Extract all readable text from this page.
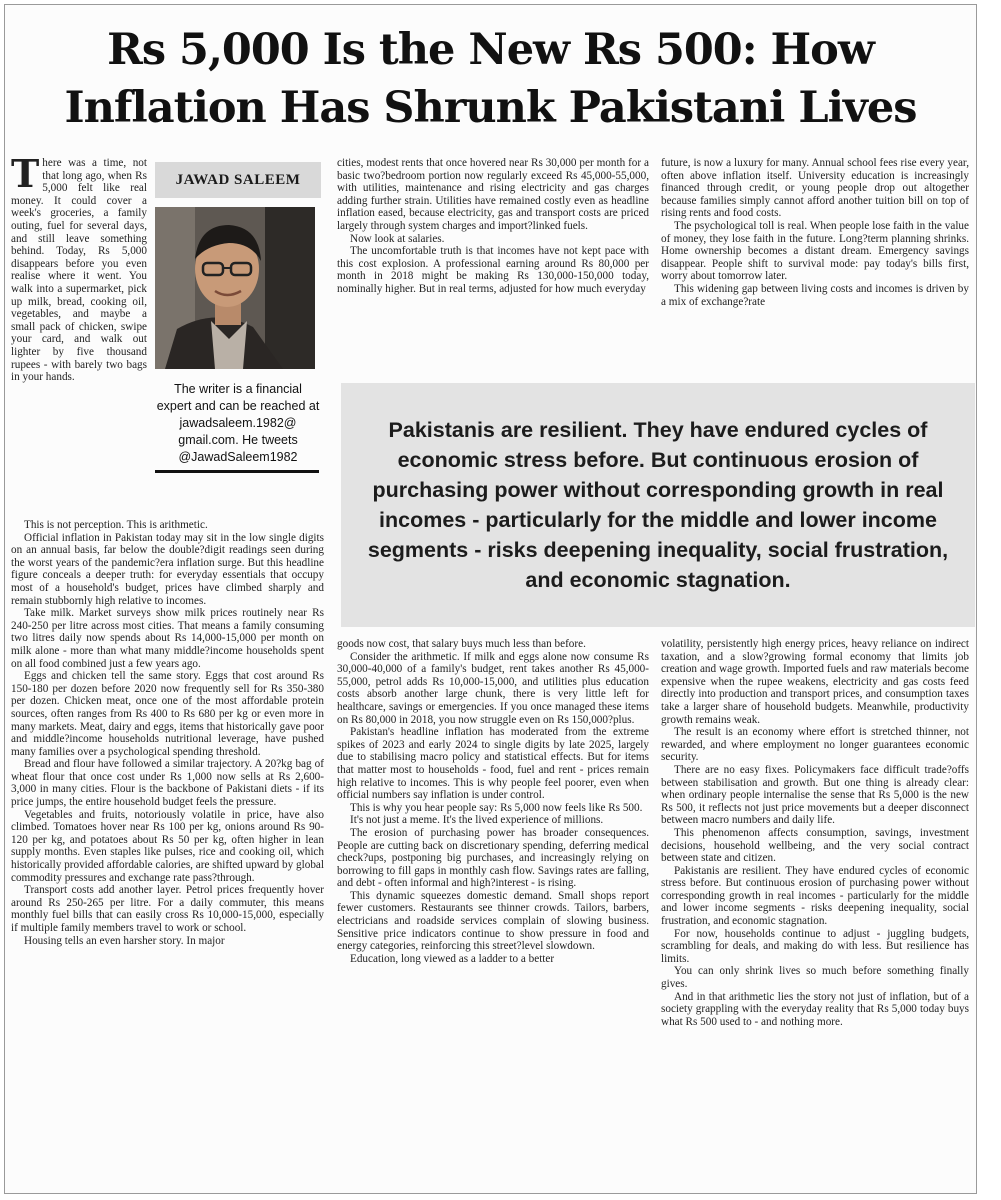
Rs 5,000 Is the New Rs 500: How
Inflation Has Shrunk Pakistani Lives

There was a time, not that long ago, when Rs 5,000 felt like real money. It could cover a week's groceries, a family outing, fuel for several days, and still leave something behind. Today, Rs 5,000 disappears before you even realise where it went. You walk into a supermarket, pick up milk, bread, cooking oil, vegetables, and maybe a small pack of chicken, swipe your card, and walk out lighter by five thousand rupees - with barely two bags in your hands.

JAWAD SALEEM
The writer is a financial expert and can be reached at jawadsaleem.1982@ gmail.com. He tweets @JawadSaleem1982

This is not perception. This is arithmetic.

Official inflation in Pakistan today may sit in the low single digits on an annual basis, far below the double?digit readings seen during the worst years of the pandemic?era inflation surge. But this headline figure conceals a deeper truth: for everyday essentials that occupy most of a household's budget, prices have climbed sharply and remain stubbornly high relative to incomes.

Take milk. Market surveys show milk prices routinely near Rs 240-250 per litre across most cities. That means a family consuming two litres daily now spends about Rs 14,000-15,000 per month on milk alone - more than what many middle?income households spent on all food combined just a few years ago.

Eggs and chicken tell the same story. Eggs that cost around Rs 150-180 per dozen before 2020 now frequently sell for Rs 350-380 per dozen. Chicken meat, once one of the most affordable protein sources, often ranges from Rs 400 to Rs 680 per kg or even more in many markets. Meat, dairy and eggs, items that historically gave poor and middle?income households nutritional leverage, have pushed many families over a psychological spending threshold.

Bread and flour have followed a similar trajectory. A 20?kg bag of wheat flour that once cost under Rs 1,000 now sells at Rs 2,600-3,000 in many cities. Flour is the backbone of Pakistani diets - if its price jumps, the entire household budget feels the pressure.

Vegetables and fruits, notoriously volatile in price, have also climbed. Tomatoes hover near Rs 100 per kg, onions around Rs 90-120 per kg, and potatoes about Rs 50 per kg, often higher in lean supply months. Even staples like pulses, rice and cooking oil, which historically provided affordable calories, are shifted upward by global commodity pressures and exchange rate pass?through.

Transport costs add another layer. Petrol prices frequently hover around Rs 250-265 per litre. For a daily commuter, this means monthly fuel bills that can easily cross Rs 10,000-15,000, especially if multiple family members travel to work or school.

Housing tells an even harsher story. In major

cities, modest rents that once hovered near Rs 30,000 per month for a basic two?bedroom portion now regularly exceed Rs 45,000-55,000, with utilities, maintenance and rising electricity and gas charges adding further strain. Utilities have remained costly even as headline inflation eased, because electricity, gas and transport costs are priced largely through system charges and import?linked fuels.

Now look at salaries.

The uncomfortable truth is that incomes have not kept pace with this cost explosion. A professional earning around Rs 80,000 per month in 2018 might be making Rs 130,000-150,000 today, nominally higher. But in real terms, adjusted for how much everyday

future, is now a luxury for many. Annual school fees rise every year, often above inflation itself. University education is increasingly financed through credit, or young people drop out altogether because families simply cannot afford another tuition bill on top of rising rents and food costs.

The psychological toll is real. When people lose faith in the value of money, they lose faith in the future. Long?term planning shrinks. Home ownership becomes a distant dream. Emergency savings disappear. People shift to survival mode: pay today's bills first, worry about tomorrow later.

This widening gap between living costs and incomes is driven by a mix of exchange?rate

Pakistanis are resilient. They have endured cycles of economic stress before. But continuous erosion of purchasing power without corresponding growth in real incomes - particularly for the middle and lower income segments - risks deepening inequality, social frustration, and economic stagnation.

goods now cost, that salary buys much less than before.

Consider the arithmetic. If milk and eggs alone now consume Rs 30,000-40,000 of a family's budget, rent takes another Rs 45,000-55,000, petrol adds Rs 10,000-15,000, and utilities plus education costs absorb another large chunk, there is very little left for healthcare, savings or emergencies. If you once managed these items on Rs 80,000 in 2018, you now struggle even on Rs 150,000?plus.

Pakistan's headline inflation has moderated from the extreme spikes of 2023 and early 2024 to single digits by late 2025, largely due to stabilising macro policy and statistical effects. But for items that matter most to households - food, fuel and rent - prices remain high relative to incomes. This is why people feel poorer, even when official numbers say inflation is under control.

This is why you hear people say: Rs 5,000 now feels like Rs 500.

It's not just a meme. It's the lived experience of millions.

The erosion of purchasing power has broader consequences. People are cutting back on discretionary spending, deferring medical check?ups, postponing big purchases, and increasingly relying on borrowing to fill gaps in monthly cash flow. Savings rates are falling, and debt - often informal and high?interest - is rising.

This dynamic squeezes domestic demand. Small shops report fewer customers. Restaurants see thinner crowds. Tailors, barbers, electricians and roadside services complain of slowing business. Sensitive price indicators continue to show pressure in food and energy categories, reinforcing this street?level slowdown.

Education, long viewed as a ladder to a better

volatility, persistently high energy prices, heavy reliance on indirect taxation, and a slow?growing formal economy that limits job creation and wage growth. Imported fuels and raw materials become expensive when the rupee weakens, electricity and gas costs feed directly into production and transport prices, and consumption taxes take a larger share of household budgets. Meanwhile, productivity growth remains weak.

The result is an economy where effort is stretched thinner, not rewarded, and where employment no longer guarantees economic security.

There are no easy fixes. Policymakers face difficult trade?offs between stabilisation and growth. But one thing is already clear: when ordinary people internalise the sense that Rs 5,000 is the new Rs 500, it reflects not just price movements but a deeper disconnect between macro numbers and daily life.

This phenomenon affects consumption, savings, investment decisions, household wellbeing, and the very social contract between state and citizen.

Pakistanis are resilient. They have endured cycles of economic stress before. But continuous erosion of purchasing power without corresponding growth in real incomes - particularly for the middle and lower income segments - risks deepening inequality, social frustration, and economic stagnation.

For now, households continue to adjust - juggling budgets, scrambling for deals, and making do with less. But resilience has limits.

You can only shrink lives so much before something finally gives.

And in that arithmetic lies the story not just of inflation, but of a society grappling with the everyday reality that Rs 5,000 today buys what Rs 500 used to - and nothing more.
